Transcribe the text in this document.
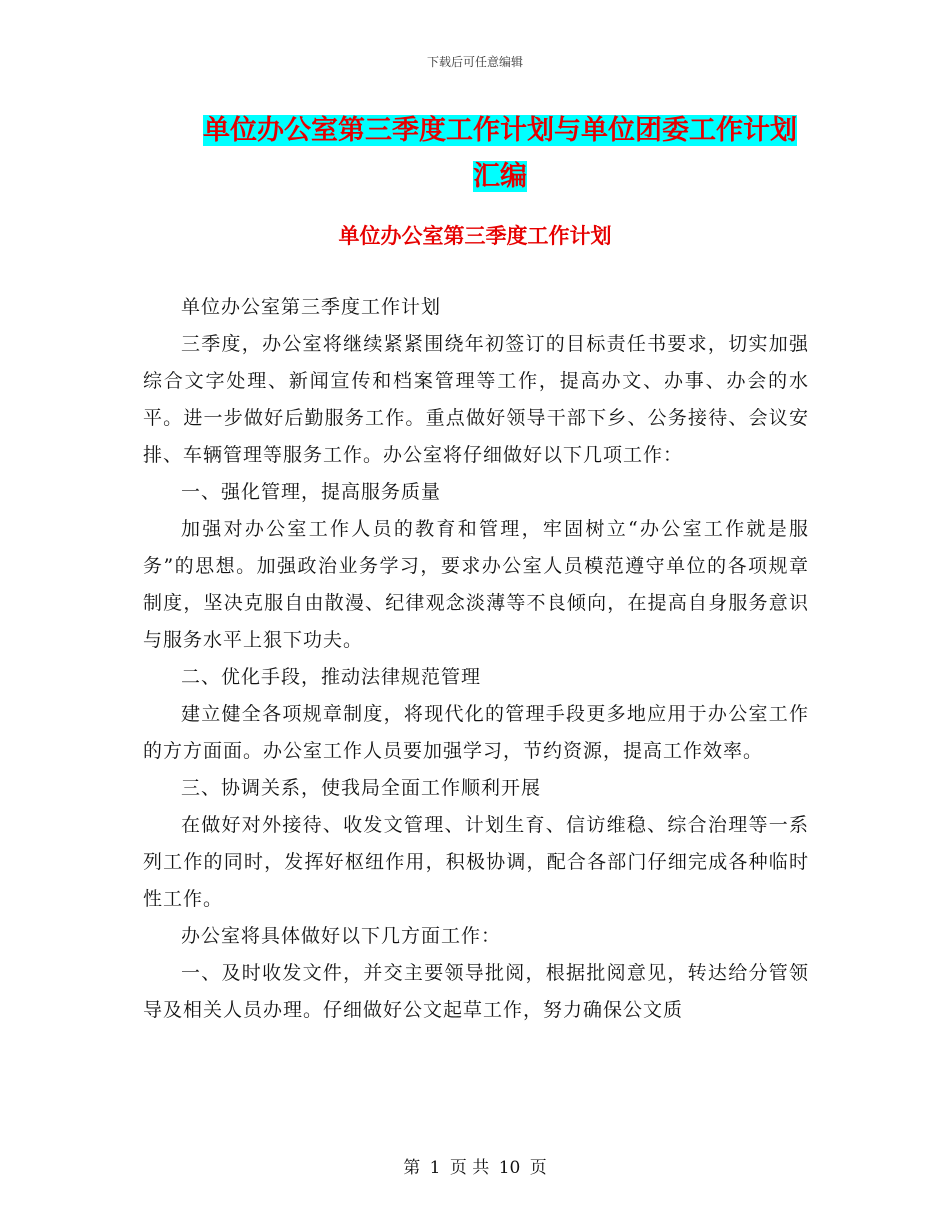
下载后可任意编辑
单位办公室第三季度工作计划与单位团委工作计划汇编
单位办公室第三季度工作计划

单位办公室第三季度工作计划

三季度，办公室将继续紧紧围绕年初签订的目标责任书要求，切实加强综合文字处理、新闻宣传和档案管理等工作，提高办文、办事、办会的水平。进一步做好后勤服务工作。重点做好领导干部下乡、公务接待、会议安排、车辆管理等服务工作。办公室将仔细做好以下几项工作：

一、强化管理，提高服务质量

加强对办公室工作人员的教育和管理，牢固树立“办公室工作就是服务”的思想。加强政治业务学习，要求办公室人员模范遵守单位的各项规章制度，坚决克服自由散漫、纪律观念淡薄等不良倾向，在提高自身服务意识与服务水平上狠下功夫。

二、优化手段，推动法律规范管理

建立健全各项规章制度，将现代化的管理手段更多地应用于办公室工作的方方面面。办公室工作人员要加强学习，节约资源，提高工作效率。

三、协调关系，使我局全面工作顺利开展

在做好对外接待、收发文管理、计划生育、信访维稳、综合治理等一系列工作的同时，发挥好枢纽作用，积极协调，配合各部门仔细完成各种临时性工作。

办公室将具体做好以下几方面工作：

一、及时收发文件，并交主要领导批阅，根据批阅意见，转达给分管领导及相关人员办理。仔细做好公文起草工作，努力确保公文质

第 1 页 共 10 页
